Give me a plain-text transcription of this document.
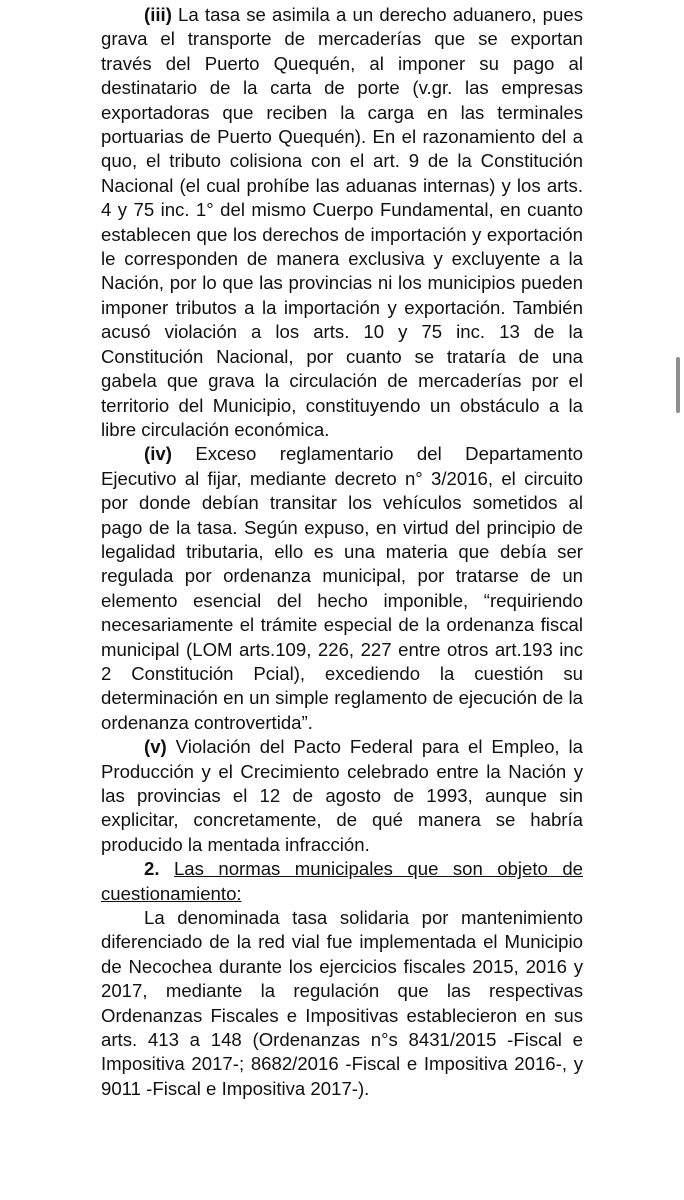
(iii) La tasa se asimila a un derecho aduanero, pues grava el transporte de mercaderías que se exportan través del Puerto Quequén, al imponer su pago al destinatario de la carta de porte (v.gr. las empresas exportadoras que reciben la carga en las terminales portuarias de Puerto Quequén). En el razonamiento del a quo, el tributo colisiona con el art. 9 de la Constitución Nacional (el cual prohíbe las aduanas internas) y los arts. 4 y 75 inc. 1° del mismo Cuerpo Fundamental, en cuanto establecen que los derechos de importación y exportación le corresponden de manera exclusiva y excluyente a la Nación, por lo que las provincias ni los municipios pueden imponer tributos a la importación y exportación. También acusó violación a los arts. 10 y 75 inc. 13 de la Constitución Nacional, por cuanto se trataría de una gabela que grava la circulación de mercaderías por el territorio del Municipio, constituyendo un obstáculo a la libre circulación económica.

(iv) Exceso reglamentario del Departamento Ejecutivo al fijar, mediante decreto n° 3/2016, el circuito por donde debían transitar los vehículos sometidos al pago de la tasa. Según expuso, en virtud del principio de legalidad tributaria, ello es una materia que debía ser regulada por ordenanza municipal, por tratarse de un elemento esencial del hecho imponible, “requiriendo necesariamente el trámite especial de la ordenanza fiscal municipal (LOM arts.109, 226, 227 entre otros art.193 inc 2 Constitución Pcial), excediendo la cuestión su determinación en un simple reglamento de ejecución de la ordenanza controvertida”.

(v) Violación del Pacto Federal para el Empleo, la Producción y el Crecimiento celebrado entre la Nación y las provincias el 12 de agosto de 1993, aunque sin explicitar, concretamente, de qué manera se habría producido la mentada infracción.

2. Las normas municipales que son objeto de cuestionamiento:

La denominada tasa solidaria por mantenimiento diferenciado de la red vial fue implementada el Municipio de Necochea durante los ejercicios fiscales 2015, 2016 y 2017, mediante la regulación que las respectivas Ordenanzas Fiscales e Impositivas establecieron en sus arts. 413 a 148 (Ordenanzas n°s 8431/2015 -Fiscal e Impositiva 2017-; 8682/2016 -Fiscal e Impositiva 2016-, y 9011 -Fiscal e Impositiva 2017-).
